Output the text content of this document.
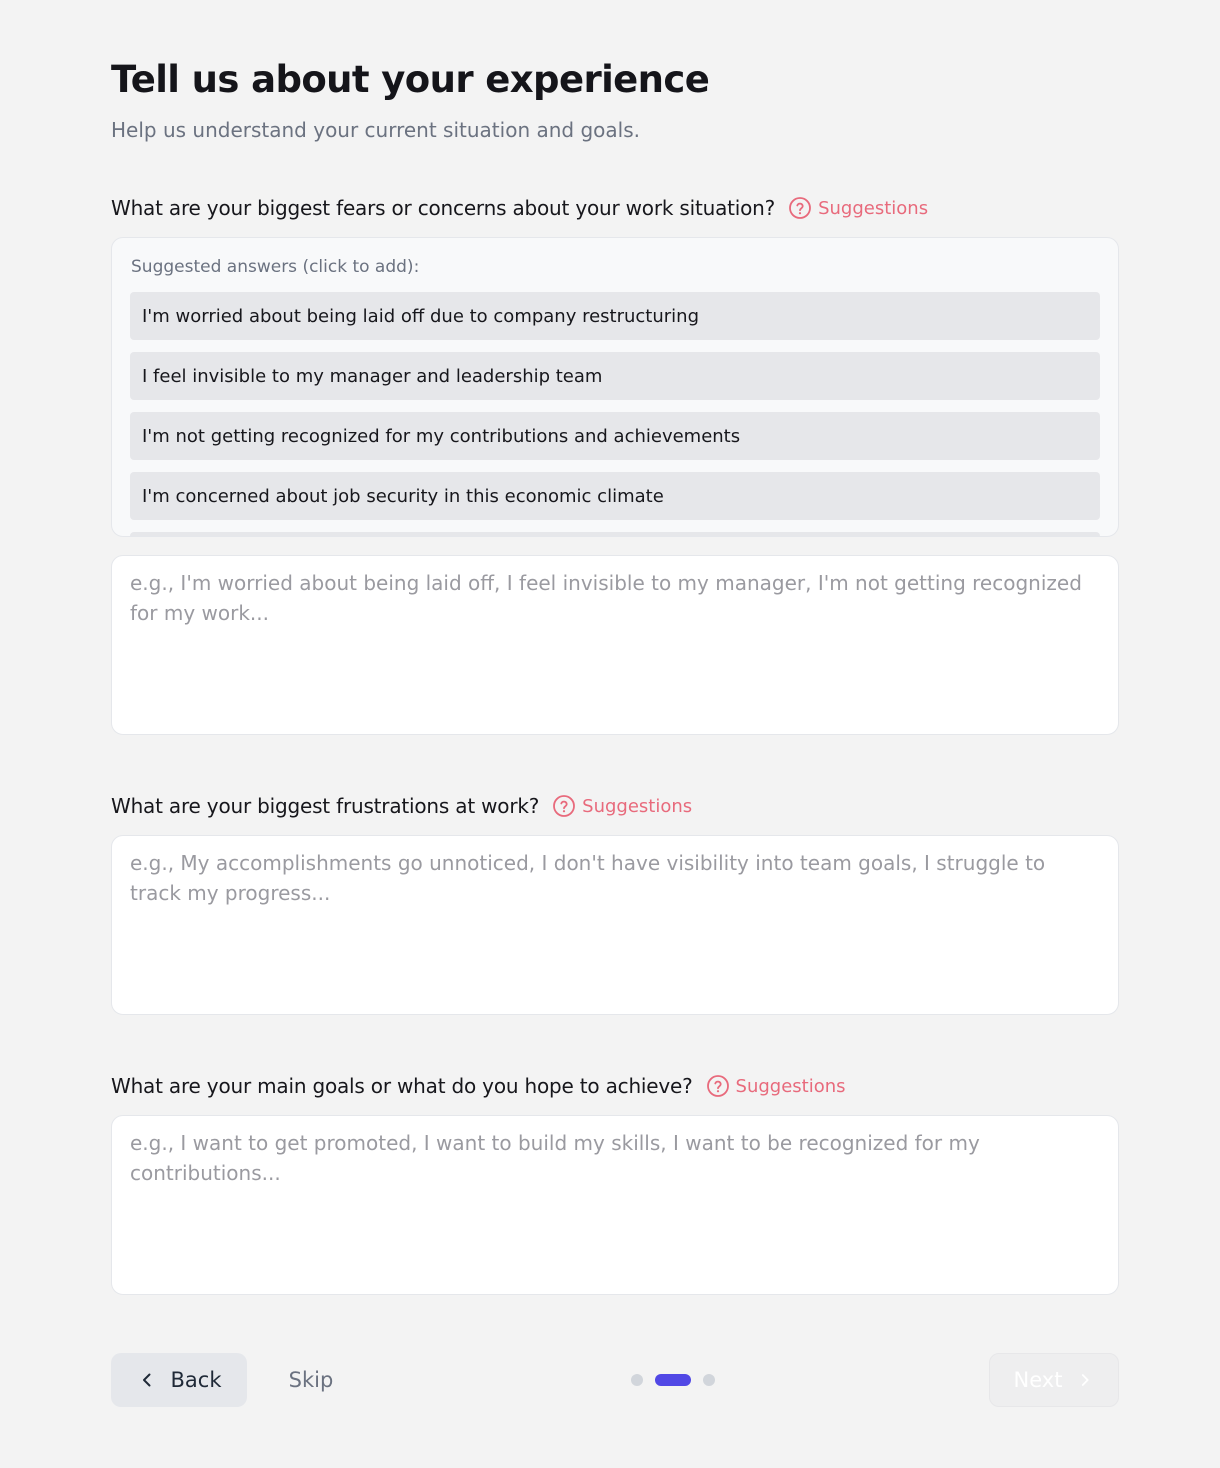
Tell us about your experience

Help us understand your current situation and goals.

What are your biggest fears or concerns about your work situation? Suggestions
Suggested answers (click to add):
I'm worried about being laid off due to company restructuring
I feel invisible to my manager and leadership team
I'm not getting recognized for my contributions and achievements
I'm concerned about job security in this economic climate
e.g., I'm worried about being laid off, I feel invisible to my manager, I'm not getting recognized for my work...
What are your biggest frustrations at work? Suggestions
e.g., My accomplishments go unnoticed, I don't have visibility into team goals, I struggle to track my progress...
What are your main goals or what do you hope to achieve? Suggestions
e.g., I want to get promoted, I want to build my skills, I want to be recognized for my contributions...
Back	Skip	Next
